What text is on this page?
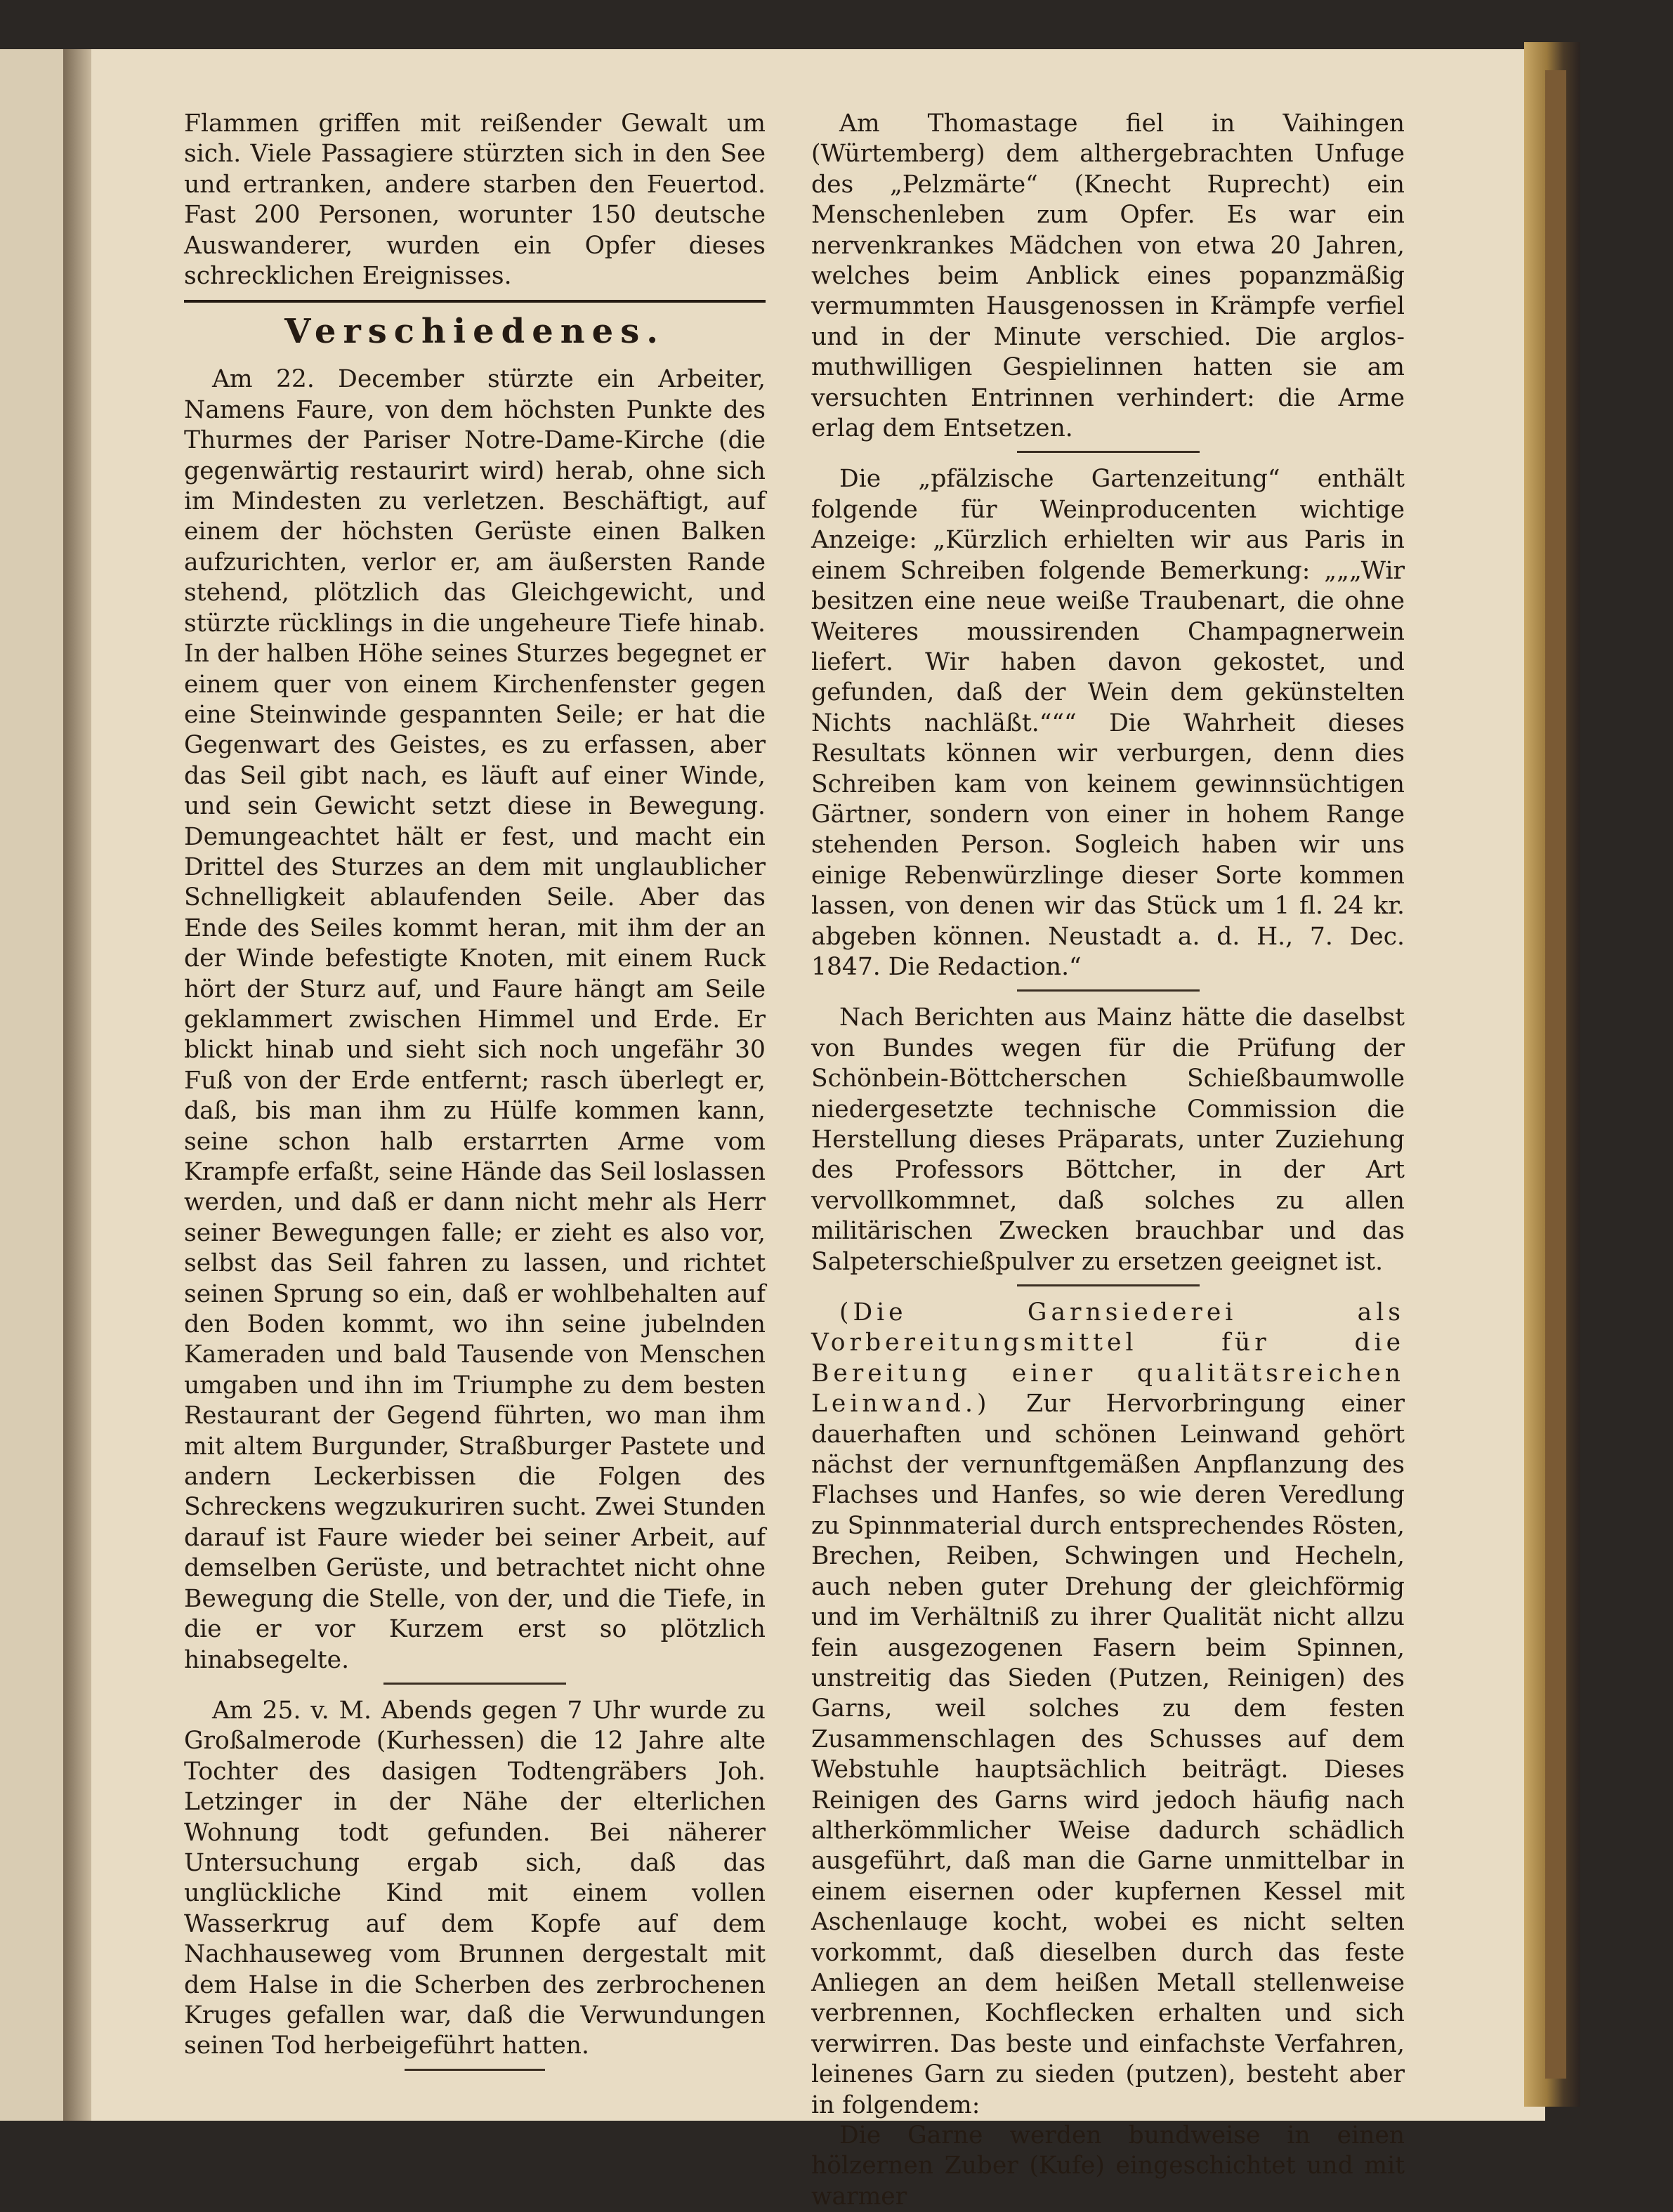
Flammen griffen mit reißender Gewalt um sich. Viele Passagiere stürzten sich in den See und ertranken, andere starben den Feuertod. Fast 200 Personen, worunter 150 deutsche Auswanderer, wurden ein Opfer dieses schrecklichen Ereignisses.

Verschiedenes.

Am 22. December stürzte ein Arbeiter, Namens Faure, von dem höchsten Punkte des Thurmes der Pariser Notre-Dame-Kirche (die gegenwärtig restaurirt wird) herab, ohne sich im Mindesten zu verletzen. Beschäftigt, auf einem der höchsten Gerüste einen Balken aufzurichten, verlor er, am äußersten Rande stehend, plötzlich das Gleichgewicht, und stürzte rücklings in die ungeheure Tiefe hinab. In der halben Höhe seines Sturzes begegnet er einem quer von einem Kirchenfenster gegen eine Steinwinde gespannten Seile; er hat die Gegenwart des Geistes, es zu erfassen, aber das Seil gibt nach, es läuft auf einer Winde, und sein Gewicht setzt diese in Bewegung. Demungeachtet hält er fest, und macht ein Drittel des Sturzes an dem mit unglaublicher Schnelligkeit ablaufenden Seile. Aber das Ende des Seiles kommt heran, mit ihm der an der Winde befestigte Knoten, mit einem Ruck hört der Sturz auf, und Faure hängt am Seile geklammert zwischen Himmel und Erde. Er blickt hinab und sieht sich noch ungefähr 30 Fuß von der Erde entfernt; rasch überlegt er, daß, bis man ihm zu Hülfe kommen kann, seine schon halb erstarrten Arme vom Krampfe erfaßt, seine Hände das Seil loslassen werden, und daß er dann nicht mehr als Herr seiner Bewegungen falle; er zieht es also vor, selbst das Seil fahren zu lassen, und richtet seinen Sprung so ein, daß er wohlbehalten auf den Boden kommt, wo ihn seine jubelnden Kameraden und bald Tausende von Menschen umgaben und ihn im Triumphe zu dem besten Restaurant der Gegend führten, wo man ihm mit altem Burgunder, Straßburger Pastete und andern Leckerbissen die Folgen des Schreckens wegzukuriren sucht. Zwei Stunden darauf ist Faure wieder bei seiner Arbeit, auf demselben Gerüste, und betrachtet nicht ohne Bewegung die Stelle, von der, und die Tiefe, in die er vor Kurzem erst so plötzlich hinabsegelte.

Am 25. v. M. Abends gegen 7 Uhr wurde zu Großalmerode (Kurhessen) die 12 Jahre alte Tochter des dasigen Todtengräbers Joh. Letzinger in der Nähe der elterlichen Wohnung todt gefunden. Bei näherer Untersuchung ergab sich, daß das unglückliche Kind mit einem vollen Wasserkrug auf dem Kopfe auf dem Nachhauseweg vom Brunnen dergestalt mit dem Halse in die Scherben des zerbrochenen Kruges gefallen war, daß die Verwundungen seinen Tod herbeigeführt hatten.

Am Thomastage fiel in Vaihingen (Würtemberg) dem althergebrachten Unfuge des „Pelzmärte“ (Knecht Ruprecht) ein Menschenleben zum Opfer. Es war ein nervenkrankes Mädchen von etwa 20 Jahren, welches beim Anblick eines popanzmäßig vermummten Hausgenossen in Krämpfe verfiel und in der Minute verschied. Die arglos-muthwilligen Gespielinnen hatten sie am versuchten Entrinnen verhindert: die Arme erlag dem Entsetzen.

Die „pfälzische Gartenzeitung“ enthält folgende für Weinproducenten wichtige Anzeige: „Kürzlich erhielten wir aus Paris in einem Schreiben folgende Bemerkung: „„„Wir besitzen eine neue weiße Traubenart, die ohne Weiteres moussirenden Champagnerwein liefert. Wir haben davon gekostet, und gefunden, daß der Wein dem gekünstelten Nichts nachläßt.“““ Die Wahrheit dieses Resultats können wir verburgen, denn dies Schreiben kam von keinem gewinnsüchtigen Gärtner, sondern von einer in hohem Range stehenden Person. Sogleich haben wir uns einige Rebenwürzlinge dieser Sorte kommen lassen, von denen wir das Stück um 1 fl. 24 kr. abgeben können. Neustadt a. d. H., 7. Dec. 1847. Die Redaction.“

Nach Berichten aus Mainz hätte die daselbst von Bundes wegen für die Prüfung der Schönbein-Böttcherschen Schießbaumwolle niedergesetzte technische Commission die Herstellung dieses Präparats, unter Zuziehung des Professors Böttcher, in der Art vervollkommnet, daß solches zu allen militärischen Zwecken brauchbar und das Salpeterschießpulver zu ersetzen geeignet ist.

(Die Garnsiederei als Vorbereitungsmittel für die Bereitung einer qualitätsreichen Leinwand.) Zur Hervorbringung einer dauerhaften und schönen Leinwand gehört nächst der vernunftgemäßen Anpflanzung des Flachses und Hanfes, so wie deren Veredlung zu Spinnmaterial durch entsprechendes Rösten, Brechen, Reiben, Schwingen und Hecheln, auch neben guter Drehung der gleichförmig und im Verhältniß zu ihrer Qualität nicht allzu fein ausgezogenen Fasern beim Spinnen, unstreitig das Sieden (Putzen, Reinigen) des Garns, weil solches zu dem festen Zusammenschlagen des Schusses auf dem Webstuhle hauptsächlich beiträgt. Dieses Reinigen des Garns wird jedoch häufig nach altherkömmlicher Weise dadurch schädlich ausgeführt, daß man die Garne unmittelbar in einem eisernen oder kupfernen Kessel mit Aschenlauge kocht, wobei es nicht selten vorkommt, daß dieselben durch das feste Anliegen an dem heißen Metall stellenweise verbrennen, Kochflecken erhalten und sich verwirren. Das beste und einfachste Verfahren, leinenes Garn zu sieden (putzen), besteht aber in folgendem:

Die Garne werden bundweise in einen hölzernen Zuber (Kufe) eingeschichtet und mit warmer
